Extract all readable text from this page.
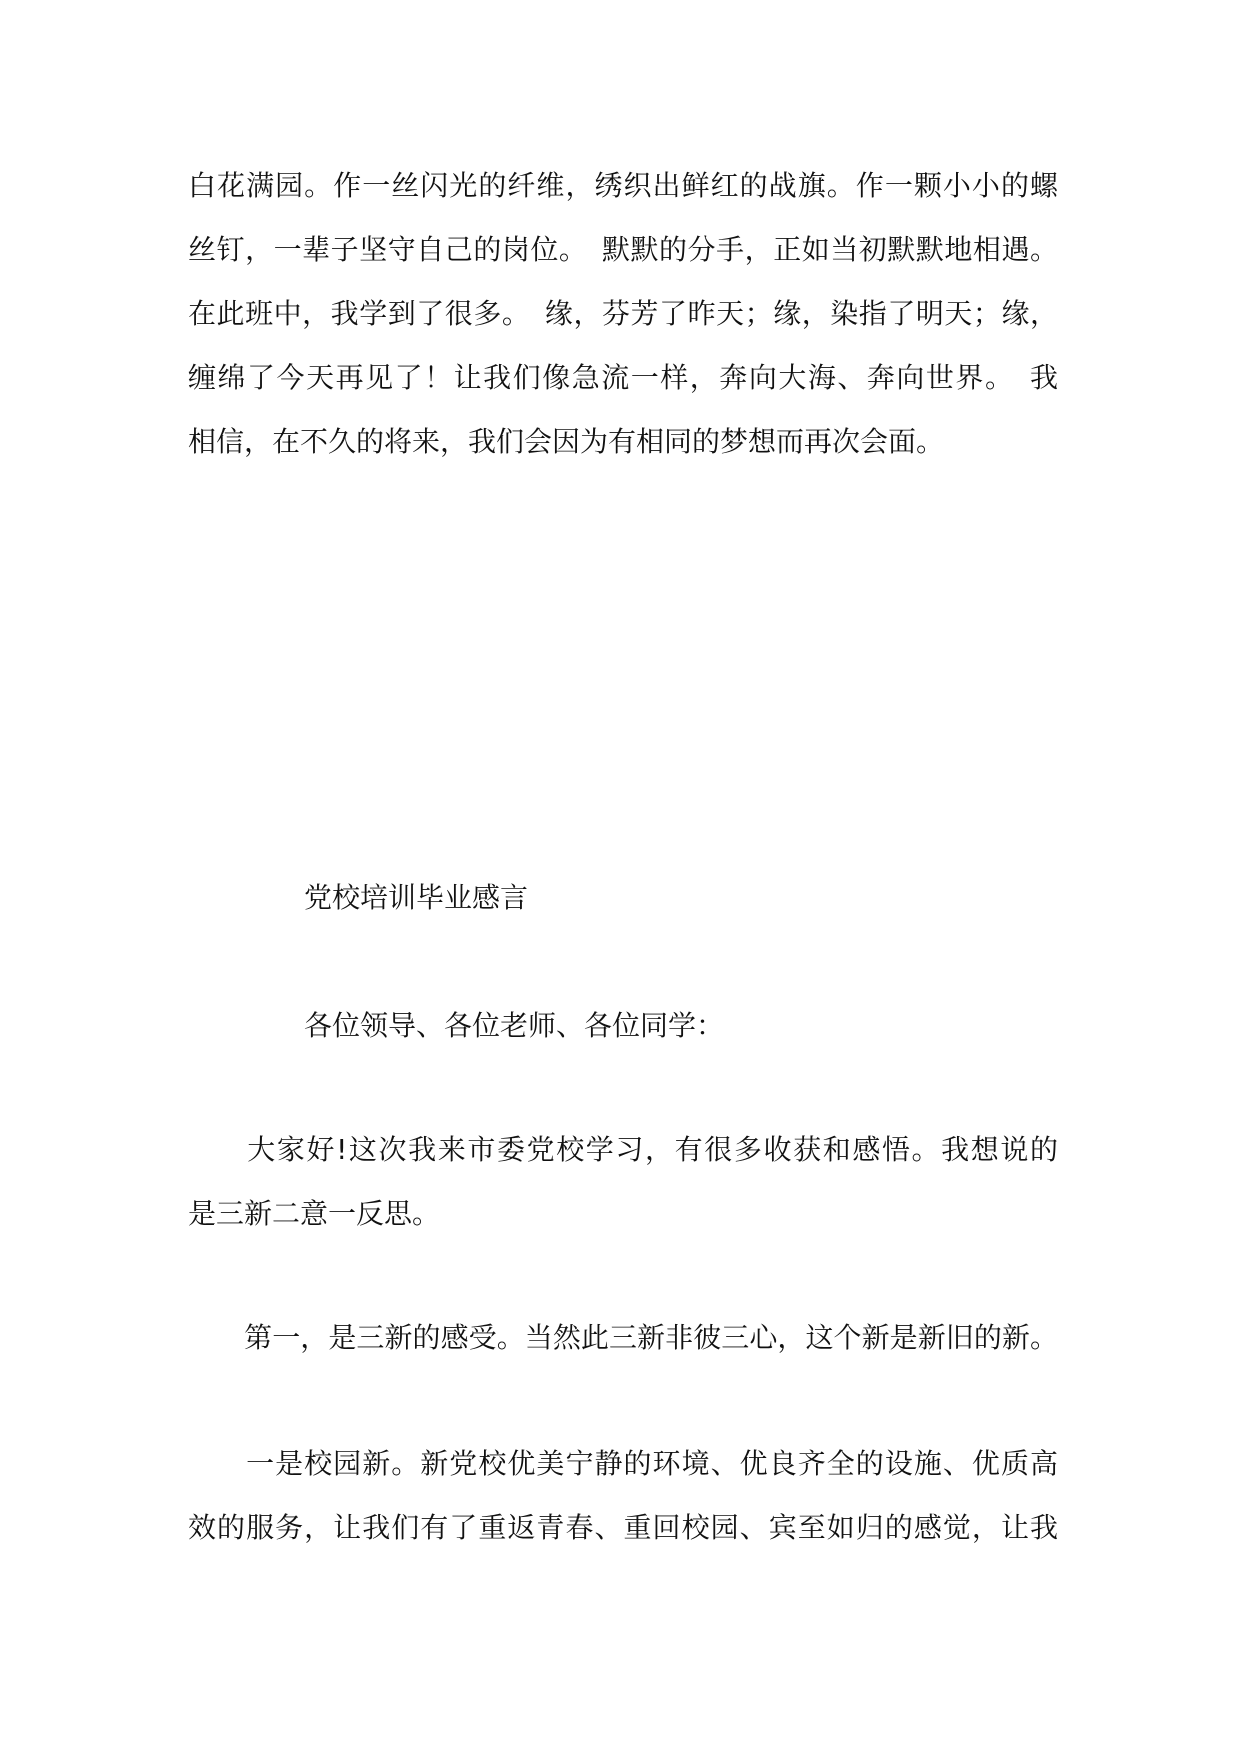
白花满园。作一丝闪光的纤维，绣织出鲜红的战旗。作一颗小小的螺
丝钉，一辈子坚守自己的岗位。　默默的分手，正如当初默默地相遇。
在此班中，我学到了很多。　缘，芬芳了昨天；缘，染指了明天；缘，
缠绵了今天再见了！让我们像急流一样，奔向大海、奔向世界。　我
相信，在不久的将来，我们会因为有相同的梦想而再次会面。
党校培训毕业感言
各位领导、各位老师、各位同学：
　　大家好!这次我来市委党校学习，有很多收获和感悟。我想说的
是三新二意一反思。
　　第一，是三新的感受。当然此三新非彼三心，这个新是新旧的新。
　　一是校园新。新党校优美宁静的环境、优良齐全的设施、优质高
效的服务，让我们有了重返青春、重回校园、宾至如归的感觉，让我
